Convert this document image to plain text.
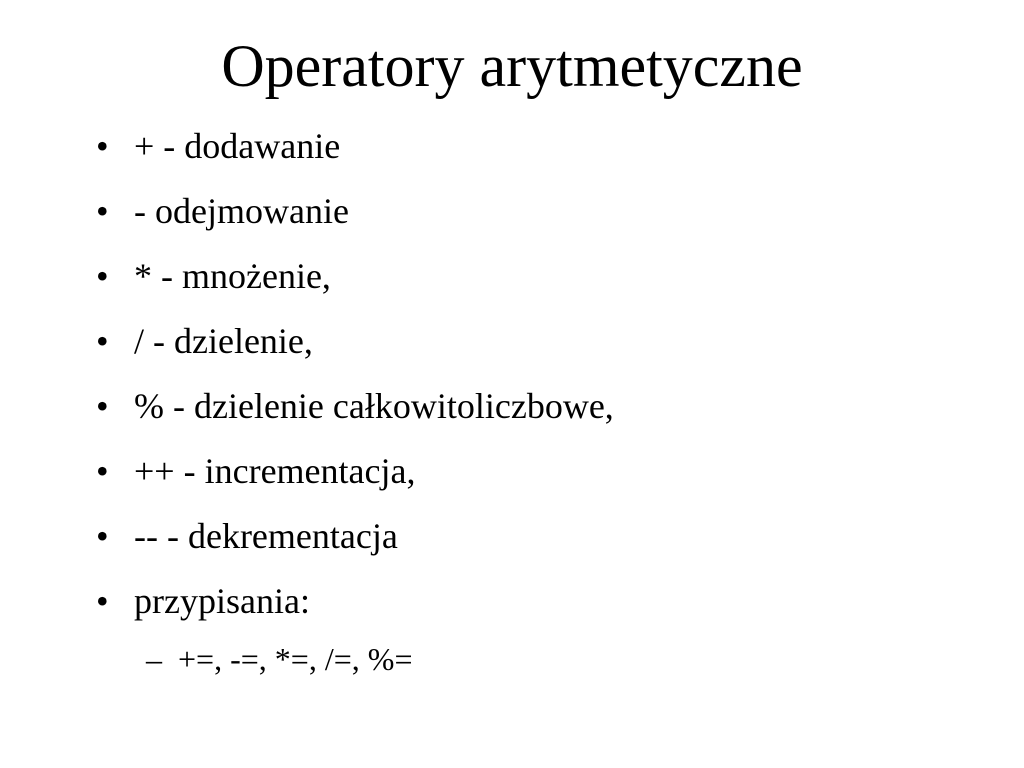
Operatory arytmetyczne
• + - dodawanie
• - odejmowanie
• * - mnożenie,
• / - dzielenie,
• % - dzielenie całkowitoliczbowe,
• ++ - incrementacja,
• -- - dekrementacja
• przypisania:
– +=, -=, *=, /=, %=
